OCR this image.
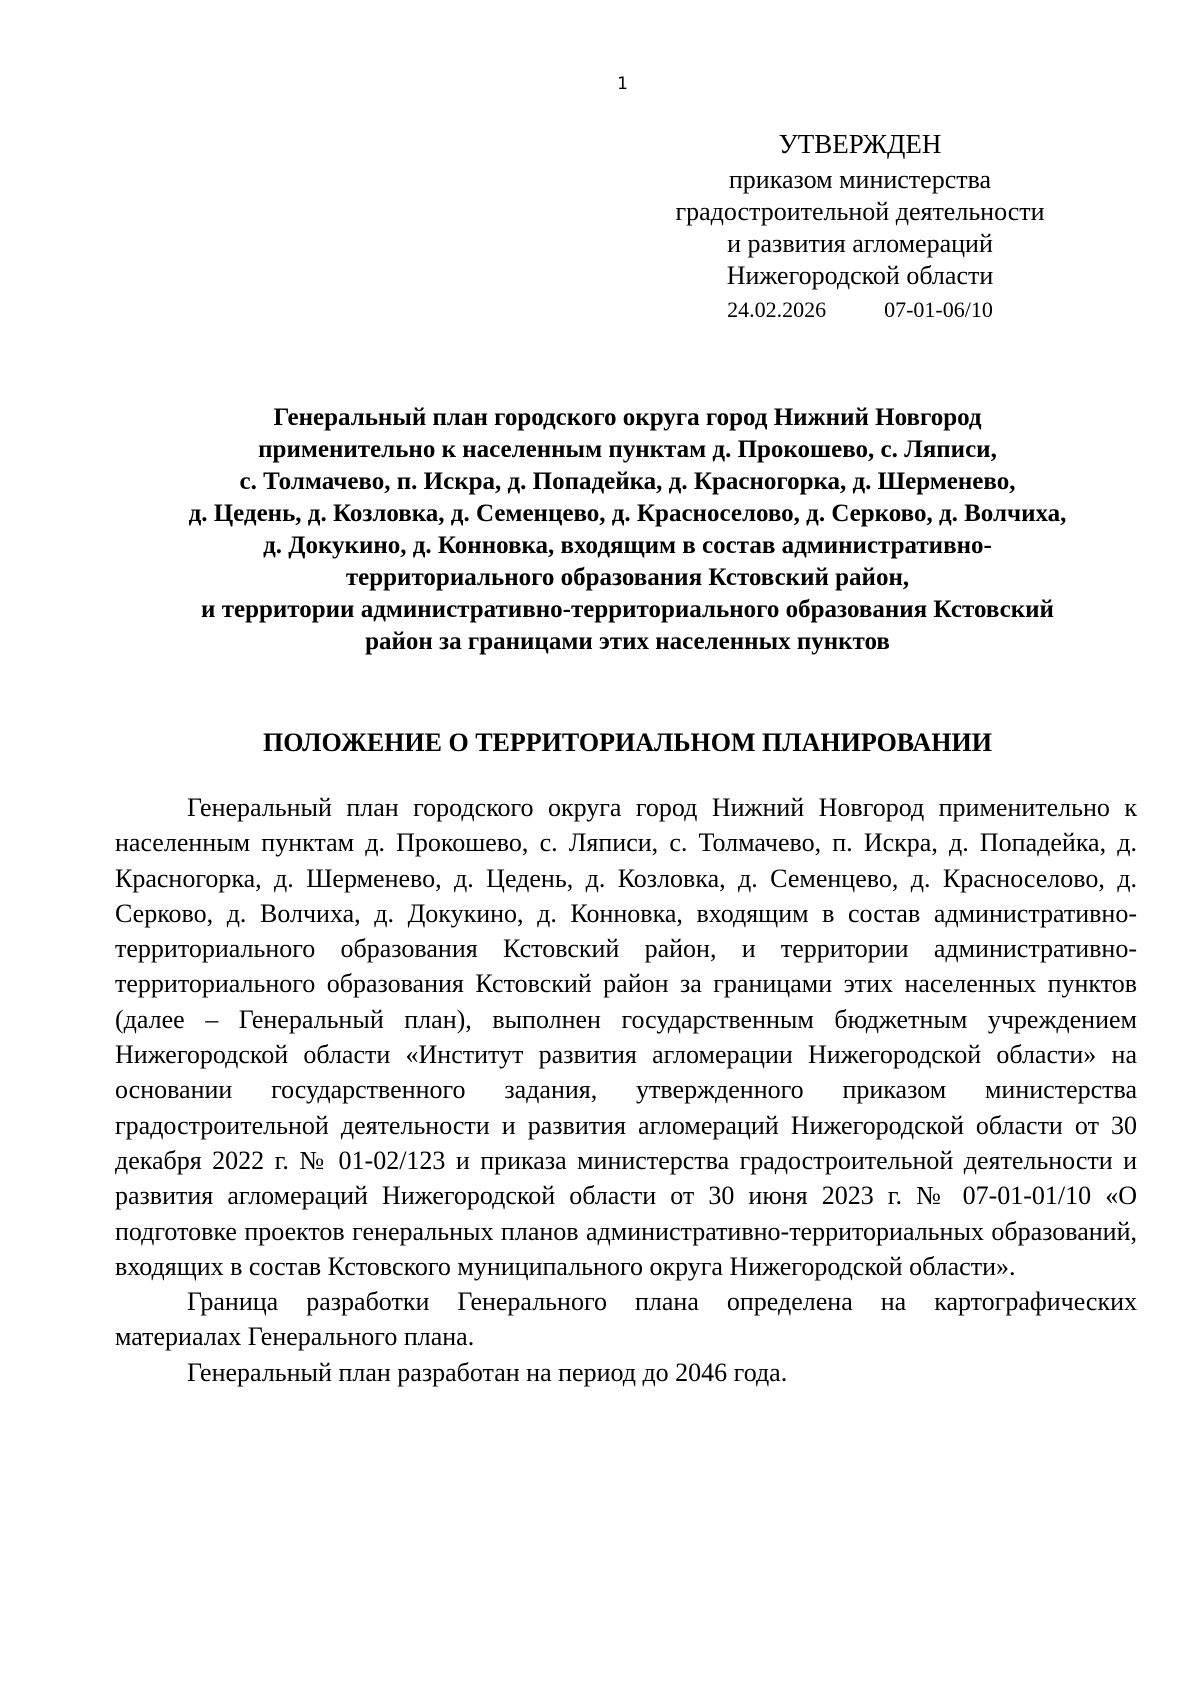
1
УТВЕРЖДЕН
приказом министерства
градостроительной деятельности
и развития агломераций
Нижегородской области
24.02.2026	07-01-06/10
Генеральный план городского округа город Нижний Новгород
применительно к населенным пунктам д. Прокошево, с. Ляписи,
с. Толмачево, п. Искра, д. Попадейка, д. Красногорка, д. Шерменево,
д. Цедень, д. Козловка, д. Семенцево, д. Красноселово, д. Серково, д. Волчиха,
д. Докукино, д. Конновка, входящим в состав административно-
территориального образования Кстовский район,
и территории административно-территориального образования Кстовский
район за границами этих населенных пунктов
ПОЛОЖЕНИЕ О ТЕРРИТОРИАЛЬНОМ ПЛАНИРОВАНИИ

Генеральный план городского округа город Нижний Новгород применительно к населенным пунктам д. Прокошево, с. Ляписи, с. Толмачево, п. Искра, д. Попадейка, д. Красногорка, д. Шерменево, д. Цедень, д. Козловка, д. Семенцево, д. Красноселово, д. Серково, д. Волчиха, д. Докукино, д. Конновка, входящим в состав административно-территориального образования Кстовский район, и территории административно-территориального образования Кстовский район за границами этих населенных пунктов (далее – Генеральный план), выполнен государственным бюджетным учреждением Нижегородской области «Институт развития агломерации Нижегородской области» на основании государственного задания, утвержденного приказом министерства градостроительной деятельности и развития агломераций Нижегородской области от 30 декабря 2022 г. № 01-02/123 и приказа министерства градостроительной деятельности и развития агломераций Нижегородской области от 30 июня 2023 г. № 07-01-01/10 «О подготовке проектов генеральных планов административно-территориальных образований, входящих в состав Кстовского муниципального округа Нижегородской области».

Граница разработки Генерального плана определена на картографических материалах Генерального плана.

Генеральный план разработан на период до 2046 года.
